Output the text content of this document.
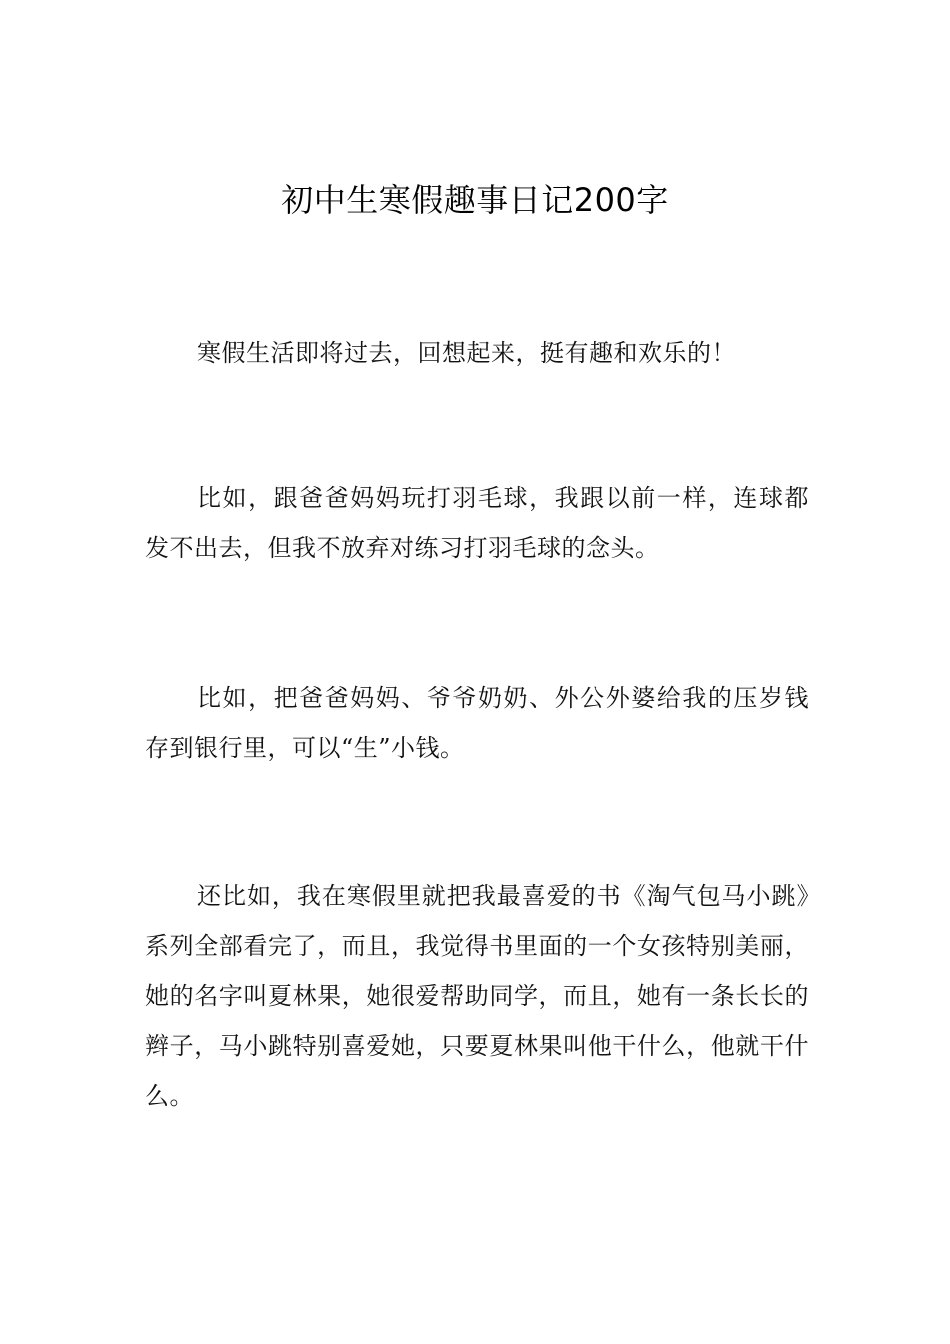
初中生寒假趣事日记200字

寒假生活即将过去，回想起来，挺有趣和欢乐的！

比如，跟爸爸妈妈玩打羽毛球，我跟以前一样，连球都发不出去，但我不放弃对练习打羽毛球的念头。

比如，把爸爸妈妈、爷爷奶奶、外公外婆给我的压岁钱存到银行里，可以“生”小钱。

还比如，我在寒假里就把我最喜爱的书《淘气包马小跳》系列全部看完了，而且，我觉得书里面的一个女孩特别美丽，她的名字叫夏林果，她很爱帮助同学，而且，她有一条长长的辫子，马小跳特别喜爱她，只要夏林果叫他干什么，他就干什么。
